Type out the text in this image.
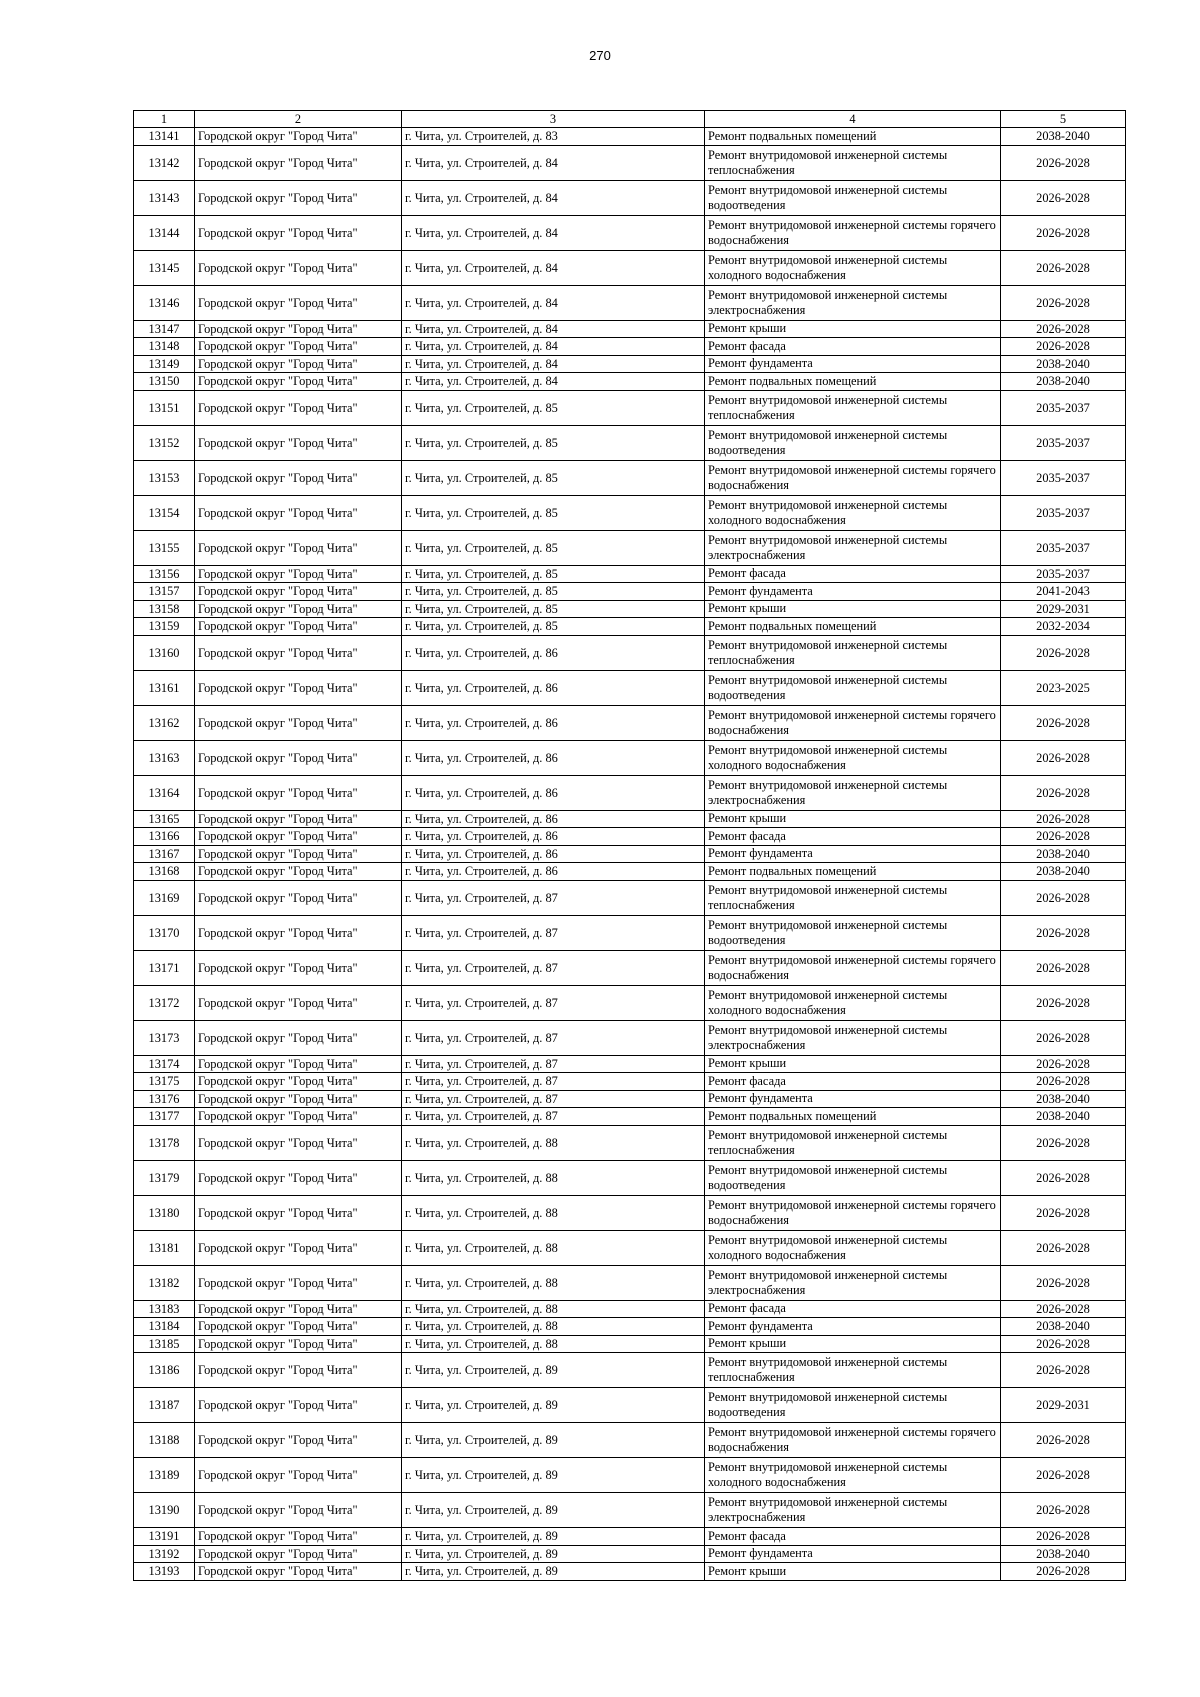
270
1	2	3	4	5
13141	Городской округ "Город Чита"	г. Чита, ул. Строителей, д. 83	Ремонт подвальных помещений	2038-2040
13142	Городской округ "Город Чита"	г. Чита, ул. Строителей, д. 84	Ремонт внутридомовой инженерной системы теплоснабжения	2026-2028
13143	Городской округ "Город Чита"	г. Чита, ул. Строителей, д. 84	Ремонт внутридомовой инженерной системы водоотведения	2026-2028
13144	Городской округ "Город Чита"	г. Чита, ул. Строителей, д. 84	Ремонт внутридомовой инженерной системы горячего водоснабжения	2026-2028
13145	Городской округ "Город Чита"	г. Чита, ул. Строителей, д. 84	Ремонт внутридомовой инженерной системы холодного водоснабжения	2026-2028
13146	Городской округ "Город Чита"	г. Чита, ул. Строителей, д. 84	Ремонт внутридомовой инженерной системы электроснабжения	2026-2028
13147	Городской округ "Город Чита"	г. Чита, ул. Строителей, д. 84	Ремонт крыши	2026-2028
13148	Городской округ "Город Чита"	г. Чита, ул. Строителей, д. 84	Ремонт фасада	2026-2028
13149	Городской округ "Город Чита"	г. Чита, ул. Строителей, д. 84	Ремонт фундамента	2038-2040
13150	Городской округ "Город Чита"	г. Чита, ул. Строителей, д. 84	Ремонт подвальных помещений	2038-2040
13151	Городской округ "Город Чита"	г. Чита, ул. Строителей, д. 85	Ремонт внутридомовой инженерной системы теплоснабжения	2035-2037
13152	Городской округ "Город Чита"	г. Чита, ул. Строителей, д. 85	Ремонт внутридомовой инженерной системы водоотведения	2035-2037
13153	Городской округ "Город Чита"	г. Чита, ул. Строителей, д. 85	Ремонт внутридомовой инженерной системы горячего водоснабжения	2035-2037
13154	Городской округ "Город Чита"	г. Чита, ул. Строителей, д. 85	Ремонт внутридомовой инженерной системы холодного водоснабжения	2035-2037
13155	Городской округ "Город Чита"	г. Чита, ул. Строителей, д. 85	Ремонт внутридомовой инженерной системы электроснабжения	2035-2037
13156	Городской округ "Город Чита"	г. Чита, ул. Строителей, д. 85	Ремонт фасада	2035-2037
13157	Городской округ "Город Чита"	г. Чита, ул. Строителей, д. 85	Ремонт фундамента	2041-2043
13158	Городской округ "Город Чита"	г. Чита, ул. Строителей, д. 85	Ремонт крыши	2029-2031
13159	Городской округ "Город Чита"	г. Чита, ул. Строителей, д. 85	Ремонт подвальных помещений	2032-2034
13160	Городской округ "Город Чита"	г. Чита, ул. Строителей, д. 86	Ремонт внутридомовой инженерной системы теплоснабжения	2026-2028
13161	Городской округ "Город Чита"	г. Чита, ул. Строителей, д. 86	Ремонт внутридомовой инженерной системы водоотведения	2023-2025
13162	Городской округ "Город Чита"	г. Чита, ул. Строителей, д. 86	Ремонт внутридомовой инженерной системы горячего водоснабжения	2026-2028
13163	Городской округ "Город Чита"	г. Чита, ул. Строителей, д. 86	Ремонт внутридомовой инженерной системы холодного водоснабжения	2026-2028
13164	Городской округ "Город Чита"	г. Чита, ул. Строителей, д. 86	Ремонт внутридомовой инженерной системы электроснабжения	2026-2028
13165	Городской округ "Город Чита"	г. Чита, ул. Строителей, д. 86	Ремонт крыши	2026-2028
13166	Городской округ "Город Чита"	г. Чита, ул. Строителей, д. 86	Ремонт фасада	2026-2028
13167	Городской округ "Город Чита"	г. Чита, ул. Строителей, д. 86	Ремонт фундамента	2038-2040
13168	Городской округ "Город Чита"	г. Чита, ул. Строителей, д. 86	Ремонт подвальных помещений	2038-2040
13169	Городской округ "Город Чита"	г. Чита, ул. Строителей, д. 87	Ремонт внутридомовой инженерной системы теплоснабжения	2026-2028
13170	Городской округ "Город Чита"	г. Чита, ул. Строителей, д. 87	Ремонт внутридомовой инженерной системы водоотведения	2026-2028
13171	Городской округ "Город Чита"	г. Чита, ул. Строителей, д. 87	Ремонт внутридомовой инженерной системы горячего водоснабжения	2026-2028
13172	Городской округ "Город Чита"	г. Чита, ул. Строителей, д. 87	Ремонт внутридомовой инженерной системы холодного водоснабжения	2026-2028
13173	Городской округ "Город Чита"	г. Чита, ул. Строителей, д. 87	Ремонт внутридомовой инженерной системы электроснабжения	2026-2028
13174	Городской округ "Город Чита"	г. Чита, ул. Строителей, д. 87	Ремонт крыши	2026-2028
13175	Городской округ "Город Чита"	г. Чита, ул. Строителей, д. 87	Ремонт фасада	2026-2028
13176	Городской округ "Город Чита"	г. Чита, ул. Строителей, д. 87	Ремонт фундамента	2038-2040
13177	Городской округ "Город Чита"	г. Чита, ул. Строителей, д. 87	Ремонт подвальных помещений	2038-2040
13178	Городской округ "Город Чита"	г. Чита, ул. Строителей, д. 88	Ремонт внутридомовой инженерной системы теплоснабжения	2026-2028
13179	Городской округ "Город Чита"	г. Чита, ул. Строителей, д. 88	Ремонт внутридомовой инженерной системы водоотведения	2026-2028
13180	Городской округ "Город Чита"	г. Чита, ул. Строителей, д. 88	Ремонт внутридомовой инженерной системы горячего водоснабжения	2026-2028
13181	Городской округ "Город Чита"	г. Чита, ул. Строителей, д. 88	Ремонт внутридомовой инженерной системы холодного водоснабжения	2026-2028
13182	Городской округ "Город Чита"	г. Чита, ул. Строителей, д. 88	Ремонт внутридомовой инженерной системы электроснабжения	2026-2028
13183	Городской округ "Город Чита"	г. Чита, ул. Строителей, д. 88	Ремонт фасада	2026-2028
13184	Городской округ "Город Чита"	г. Чита, ул. Строителей, д. 88	Ремонт фундамента	2038-2040
13185	Городской округ "Город Чита"	г. Чита, ул. Строителей, д. 88	Ремонт крыши	2026-2028
13186	Городской округ "Город Чита"	г. Чита, ул. Строителей, д. 89	Ремонт внутридомовой инженерной системы теплоснабжения	2026-2028
13187	Городской округ "Город Чита"	г. Чита, ул. Строителей, д. 89	Ремонт внутридомовой инженерной системы водоотведения	2029-2031
13188	Городской округ "Город Чита"	г. Чита, ул. Строителей, д. 89	Ремонт внутридомовой инженерной системы горячего водоснабжения	2026-2028
13189	Городской округ "Город Чита"	г. Чита, ул. Строителей, д. 89	Ремонт внутридомовой инженерной системы холодного водоснабжения	2026-2028
13190	Городской округ "Город Чита"	г. Чита, ул. Строителей, д. 89	Ремонт внутридомовой инженерной системы электроснабжения	2026-2028
13191	Городской округ "Город Чита"	г. Чита, ул. Строителей, д. 89	Ремонт фасада	2026-2028
13192	Городской округ "Город Чита"	г. Чита, ул. Строителей, д. 89	Ремонт фундамента	2038-2040
13193	Городской округ "Город Чита"	г. Чита, ул. Строителей, д. 89	Ремонт крыши	2026-2028
